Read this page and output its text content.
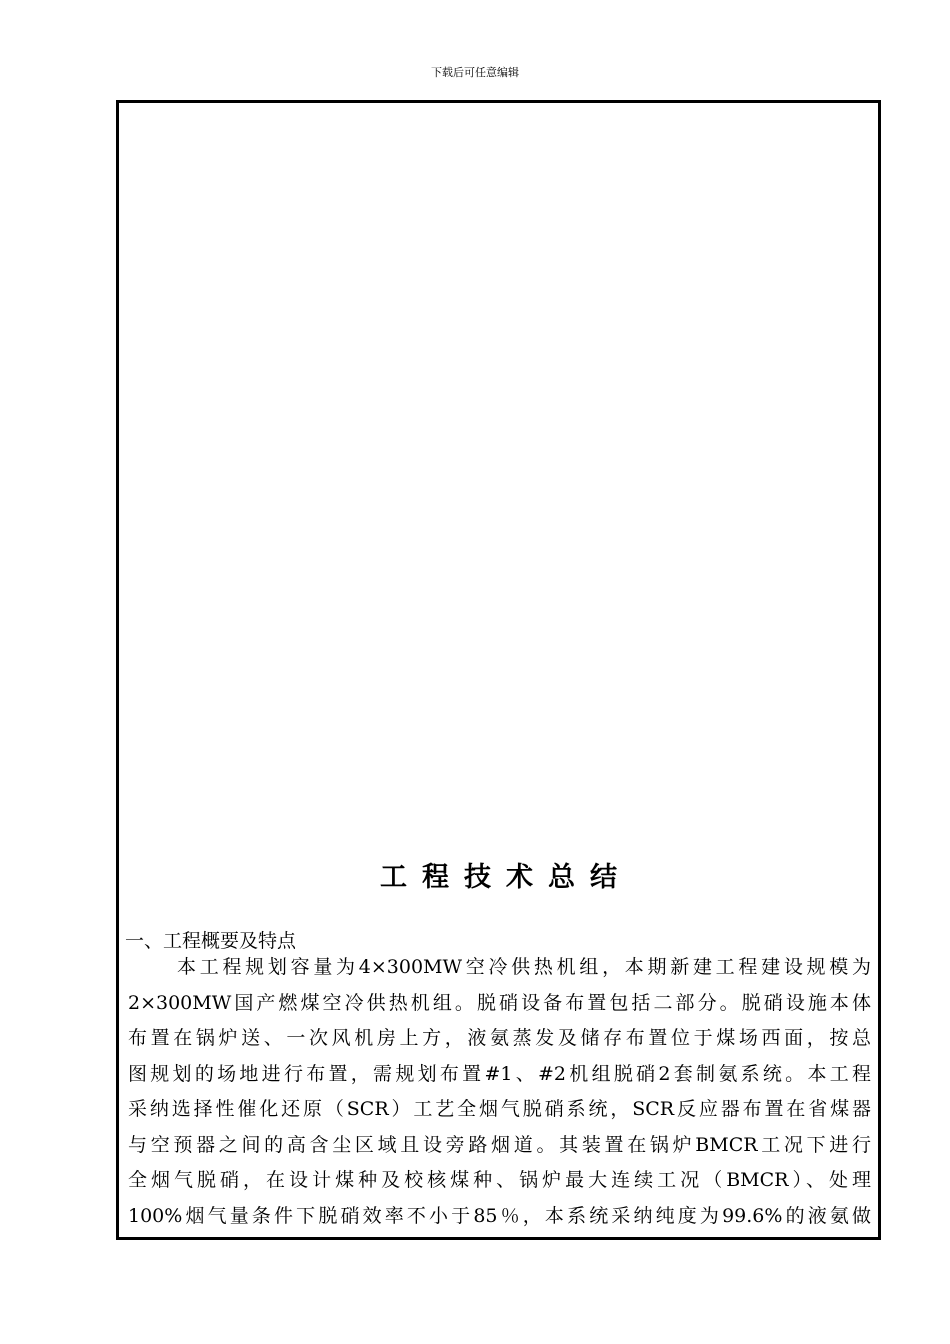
下载后可任意编辑
工程技术总结
一、工程概要及特点
本工程规划容量为4×300MW空冷供热机组，本期新建工程建设规模为
2×300MW国产燃煤空冷供热机组。脱硝设备布置包括二部分。脱硝设施本体
布置在锅炉送、一次风机房上方，液氨蒸发及储存布置位于煤场西面，按总
图规划的场地进行布置，需规划布置#1、#2机组脱硝2套制氨系统。本工程
采纳选择性催化还原（SCR）工艺全烟气脱硝系统，SCR反应器布置在省煤器
与空预器之间的高含尘区域且设旁路烟道。其装置在锅炉BMCR工况下进行
全烟气脱硝，在设计煤种及校核煤种、锅炉最大连续工况（BMCR）、处理
100%烟气量条件下脱硝效率不小于85％，本系统采纳纯度为99.6%的液氨做
